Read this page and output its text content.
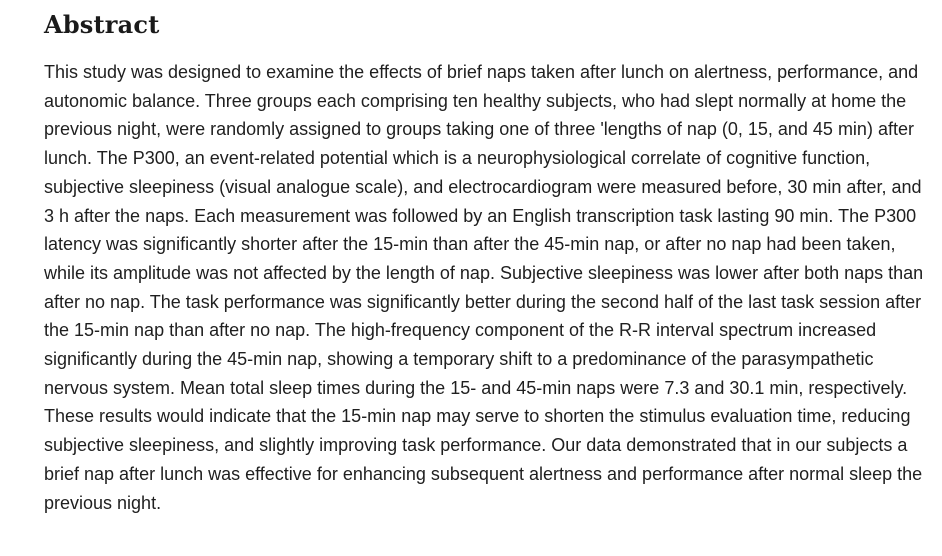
Abstract

This study was designed to examine the effects of brief naps taken after lunch on alertness, performance, and autonomic balance. Three groups each comprising ten healthy subjects, who had slept normally at home the previous night, were randomly assigned to groups taking one of three 'lengths of nap (0, 15, and 45 min) after lunch. The P300, an event-related potential which is a neurophysiological correlate of cognitive function, subjective sleepiness (visual analogue scale), and electrocardiogram were measured before, 30 min after, and 3 h after the naps. Each measurement was followed by an English transcription task lasting 90 min. The P300 latency was significantly shorter after the 15-min than after the 45-min nap, or after no nap had been taken, while its amplitude was not affected by the length of nap. Subjective sleepiness was lower after both naps than after no nap. The task performance was significantly better during the second half of the last task session after the 15-min nap than after no nap. The high-frequency component of the R-R interval spectrum increased significantly during the 45-min nap, showing a temporary shift to a predominance of the parasympathetic nervous system. Mean total sleep times during the 15- and 45-min naps were 7.3 and 30.1 min, respectively. These results would indicate that the 15-min nap may serve to shorten the stimulus evaluation time, reducing subjective sleepiness, and slightly improving task performance. Our data demonstrated that in our subjects a brief nap after lunch was effective for enhancing subsequent alertness and performance after normal sleep the previous night.
